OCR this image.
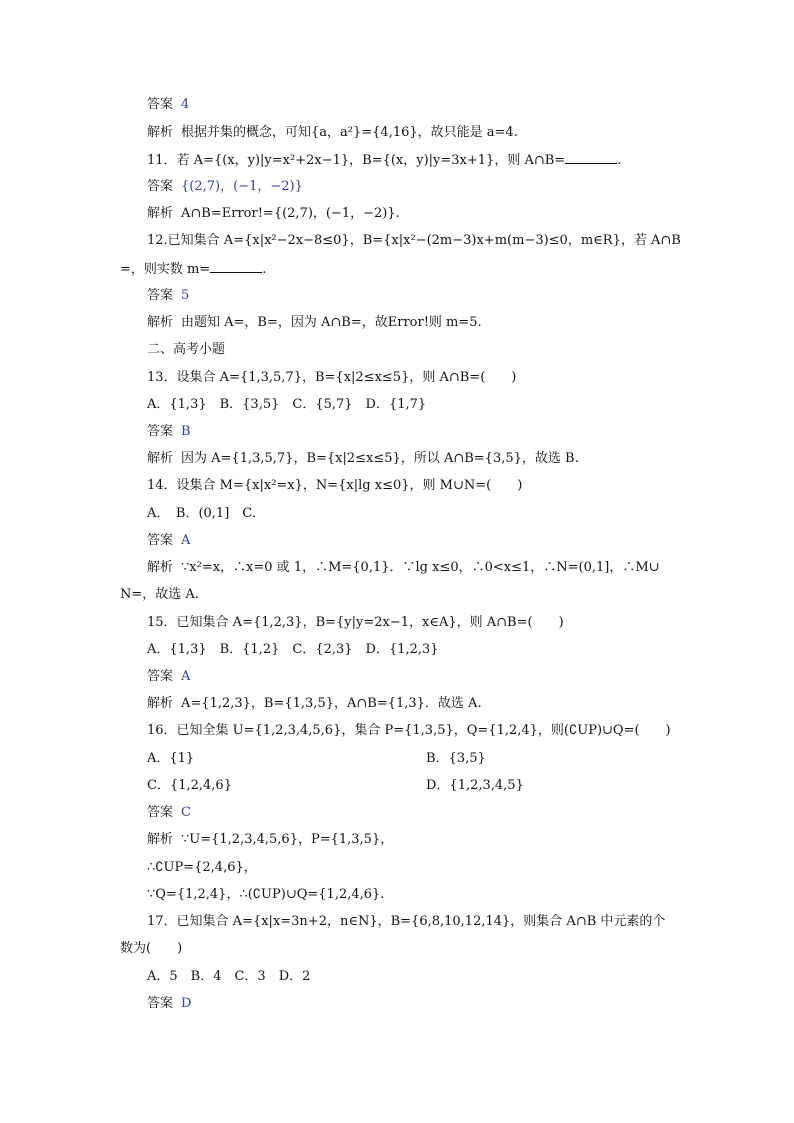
答案 4
解析 根据并集的概念，可知{a，a²}={4,16}，故只能是 a=4.
11．若 A={(x，y)|y=x²+2x−1}，B={(x，y)|y=3x+1}，则 A∩B=	.
答案 {(2,7)，(−1，−2)}
解析 A∩B=Error!={(2,7)，(−1，−2)}.
12.已知集合 A={x|x²−2x−8≤0}，B={x|x²−(2m−3)x+m(m−3)≤0，m∈R}，若 A∩B
=，则实数 m=	.
答案 5
解析 由题知 A=，B=，因为 A∩B=，故Error!则 m=5.
二、高考小题
13．设集合 A={1,3,5,7}，B={x|2≤x≤5}，则 A∩B=(　　)
A．{1,3}　B．{3,5}　C．{5,7}　D．{1,7}
答案 B
解析 因为 A={1,3,5,7}，B={x|2≤x≤5}，所以 A∩B={3,5}，故选 B.
14．设集合 M={x|x²=x}，N={x|lg x≤0}，则 M∪N=(　　)
A．　B．(0,1]　C．
答案 A
解析 ∵x²=x，∴x=0 或 1，∴M={0,1}．∵lg x≤0，∴0<x≤1，∴N=(0,1]，∴M∪
N=，故选 A.
15．已知集合 A={1,2,3}，B={y|y=2x−1，x∈A}，则 A∩B=(　　)
A．{1,3}　B．{1,2}　C．{2,3}　D．{1,2,3}
答案 A
解析 A={1,2,3}，B={1,3,5}，A∩B={1,3}．故选 A.
16．已知全集 U={1,2,3,4,5,6}，集合 P={1,3,5}，Q={1,2,4}，则(∁UP)∪Q=(　　)
A．{1}	B．{3,5}
C．{1,2,4,6}	D．{1,2,3,4,5}
答案 C
解析 ∵U={1,2,3,4,5,6}，P={1,3,5}，
∴∁UP={2,4,6}，
∵Q={1,2,4}，∴(∁UP)∪Q={1,2,4,6}.
17．已知集合 A={x|x=3n+2，n∈N}，B={6,8,10,12,14}，则集合 A∩B 中元素的个
数为(　　)
A．5　B．4　C．3　D．2
答案 D
